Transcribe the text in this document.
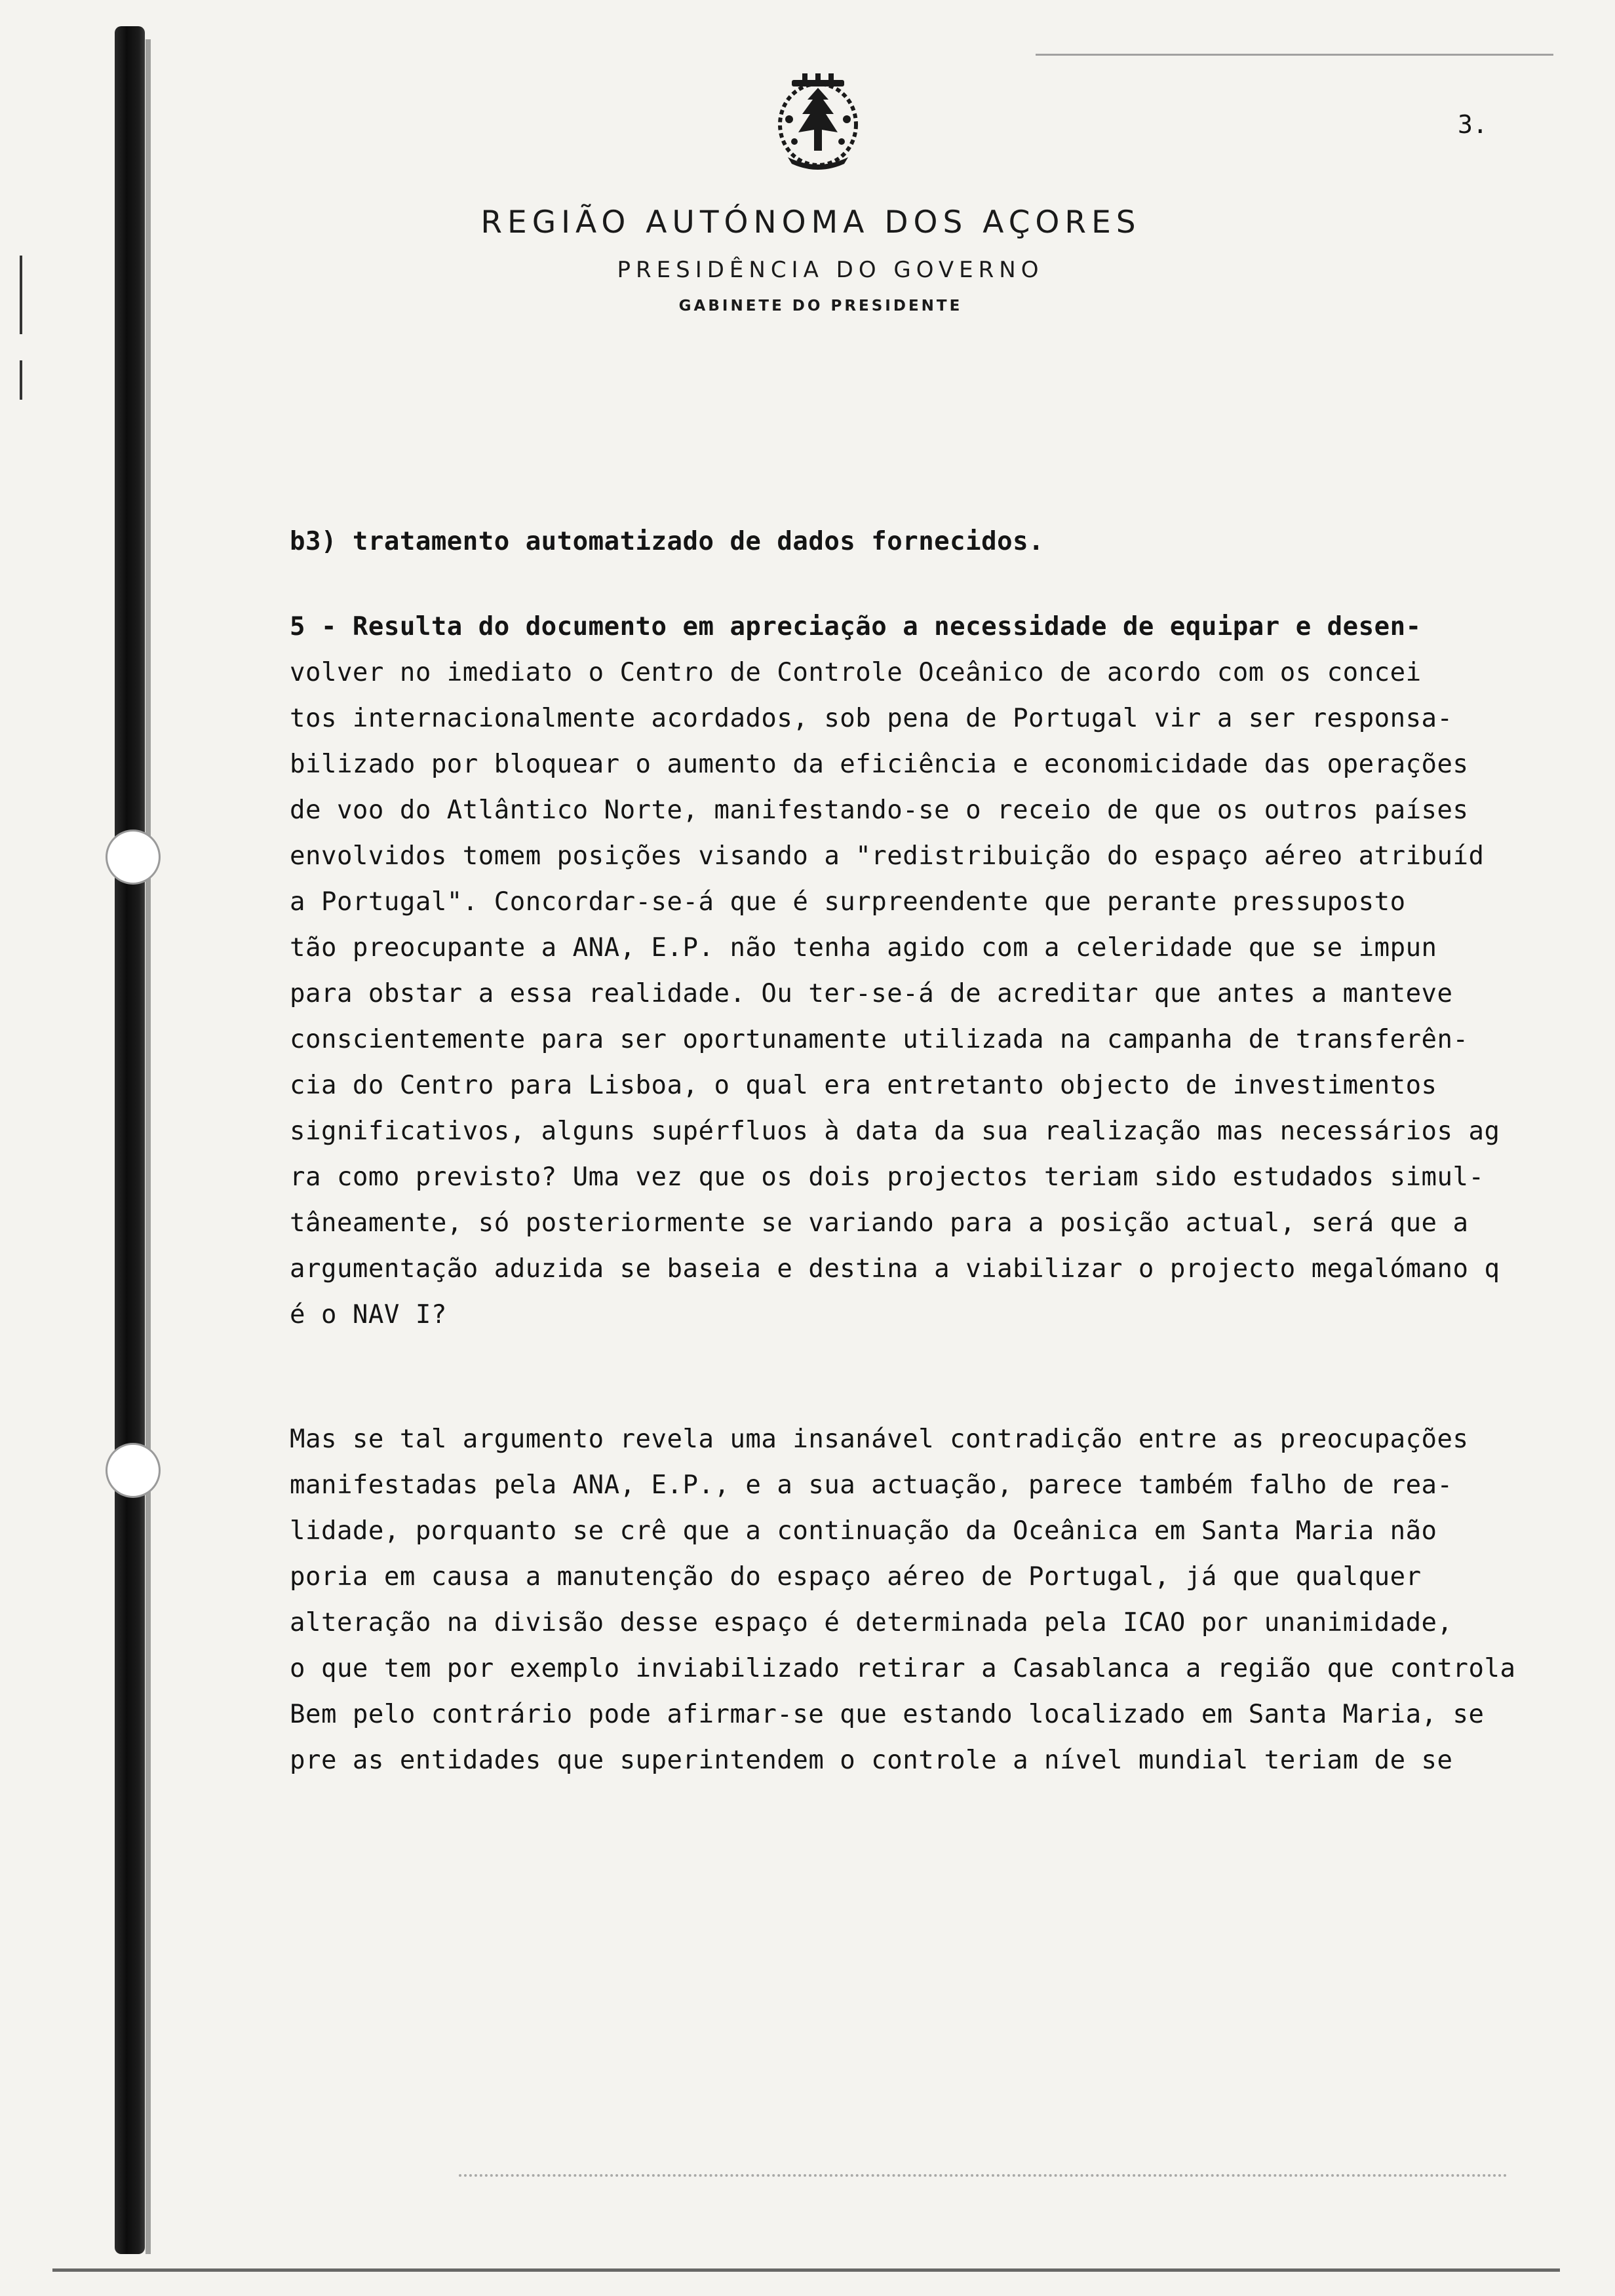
3.

REGIÃO AUTÓNOMA DOS AÇORES
PRESIDÊNCIA DO GOVERNO
GABINETE DO PRESIDENTE
b3) tratamento automatizado de dados fornecidos.
5 - Resulta do documento em apreciação a necessidade de equipar e desen-
volver no imediato o Centro de Controle Oceânico de acordo com os concei
tos internacionalmente acordados, sob pena de Portugal vir a ser responsa-
bilizado por bloquear o aumento da eficiência e economicidade das operações
de voo do Atlântico Norte, manifestando-se o receio de que os outros países
envolvidos tomem posições visando a "redistribuição do espaço aéreo atribuíd
a Portugal". Concordar-se-á que é surpreendente que perante pressuposto
tão preocupante a ANA, E.P. não tenha agido com a celeridade que se impun
para obstar a essa realidade. Ou ter-se-á de acreditar que antes a manteve
conscientemente para ser oportunamente utilizada na campanha de transferên-
cia do Centro para Lisboa, o qual era entretanto objecto de investimentos
significativos, alguns supérfluos à data da sua realização mas necessários ag
ra como previsto? Uma vez que os dois projectos teriam sido estudados simul-
tâneamente, só posteriormente se variando para a posição actual, será que a
argumentação aduzida se baseia e destina a viabilizar o projecto megalómano q
é o NAV I?
Mas se tal argumento revela uma insanável contradição entre as preocupações
manifestadas pela ANA, E.P., e a sua actuação, parece também falho de rea-
lidade, porquanto se crê que a continuação da Oceânica em Santa Maria não
poria em causa a manutenção do espaço aéreo de Portugal, já que qualquer
alteração na divisão desse espaço é determinada pela ICAO por unanimidade,
o que tem por exemplo inviabilizado retirar a Casablanca a região que controla
Bem pelo contrário pode afirmar-se que estando localizado em Santa Maria, se
pre as entidades que superintendem o controle a nível mundial teriam de se
